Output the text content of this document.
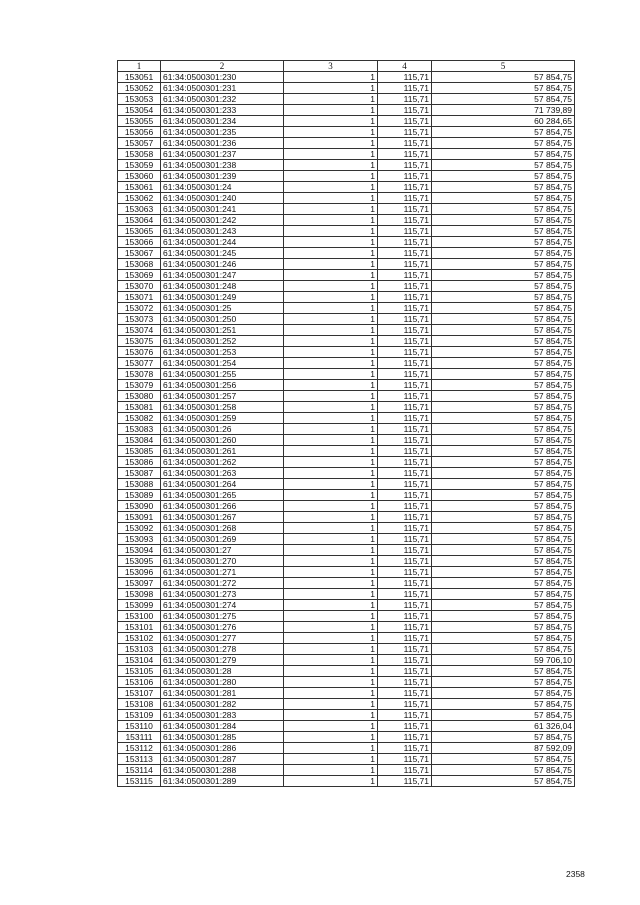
1	2	3	4	5
153051	61:34:0500301:230	1	115,71	57 854,75
153052	61:34:0500301:231	1	115,71	57 854,75
153053	61:34:0500301:232	1	115,71	57 854,75
153054	61:34:0500301:233	1	115,71	71 739,89
153055	61:34:0500301:234	1	115,71	60 284,65
153056	61:34:0500301:235	1	115,71	57 854,75
153057	61:34:0500301:236	1	115,71	57 854,75
153058	61:34:0500301:237	1	115,71	57 854,75
153059	61:34:0500301:238	1	115,71	57 854,75
153060	61:34:0500301:239	1	115,71	57 854,75
153061	61:34:0500301:24	1	115,71	57 854,75
153062	61:34:0500301:240	1	115,71	57 854,75
153063	61:34:0500301:241	1	115,71	57 854,75
153064	61:34:0500301:242	1	115,71	57 854,75
153065	61:34:0500301:243	1	115,71	57 854,75
153066	61:34:0500301:244	1	115,71	57 854,75
153067	61:34:0500301:245	1	115,71	57 854,75
153068	61:34:0500301:246	1	115,71	57 854,75
153069	61:34:0500301:247	1	115,71	57 854,75
153070	61:34:0500301:248	1	115,71	57 854,75
153071	61:34:0500301:249	1	115,71	57 854,75
153072	61:34:0500301:25	1	115,71	57 854,75
153073	61:34:0500301:250	1	115,71	57 854,75
153074	61:34:0500301:251	1	115,71	57 854,75
153075	61:34:0500301:252	1	115,71	57 854,75
153076	61:34:0500301:253	1	115,71	57 854,75
153077	61:34:0500301:254	1	115,71	57 854,75
153078	61:34:0500301:255	1	115,71	57 854,75
153079	61:34:0500301:256	1	115,71	57 854,75
153080	61:34:0500301:257	1	115,71	57 854,75
153081	61:34:0500301:258	1	115,71	57 854,75
153082	61:34:0500301:259	1	115,71	57 854,75
153083	61:34:0500301:26	1	115,71	57 854,75
153084	61:34:0500301:260	1	115,71	57 854,75
153085	61:34:0500301:261	1	115,71	57 854,75
153086	61:34:0500301:262	1	115,71	57 854,75
153087	61:34:0500301:263	1	115,71	57 854,75
153088	61:34:0500301:264	1	115,71	57 854,75
153089	61:34:0500301:265	1	115,71	57 854,75
153090	61:34:0500301:266	1	115,71	57 854,75
153091	61:34:0500301:267	1	115,71	57 854,75
153092	61:34:0500301:268	1	115,71	57 854,75
153093	61:34:0500301:269	1	115,71	57 854,75
153094	61:34:0500301:27	1	115,71	57 854,75
153095	61:34:0500301:270	1	115,71	57 854,75
153096	61:34:0500301:271	1	115,71	57 854,75
153097	61:34:0500301:272	1	115,71	57 854,75
153098	61:34:0500301:273	1	115,71	57 854,75
153099	61:34:0500301:274	1	115,71	57 854,75
153100	61:34:0500301:275	1	115,71	57 854,75
153101	61:34:0500301:276	1	115,71	57 854,75
153102	61:34:0500301:277	1	115,71	57 854,75
153103	61:34:0500301:278	1	115,71	57 854,75
153104	61:34:0500301:279	1	115,71	59 706,10
153105	61:34:0500301:28	1	115,71	57 854,75
153106	61:34:0500301:280	1	115,71	57 854,75
153107	61:34:0500301:281	1	115,71	57 854,75
153108	61:34:0500301:282	1	115,71	57 854,75
153109	61:34:0500301:283	1	115,71	57 854,75
153110	61:34:0500301:284	1	115,71	61 326,04
153111	61:34:0500301:285	1	115,71	57 854,75
153112	61:34:0500301:286	1	115,71	87 592,09
153113	61:34:0500301:287	1	115,71	57 854,75
153114	61:34:0500301:288	1	115,71	57 854,75
153115	61:34:0500301:289	1	115,71	57 854,75
2358
